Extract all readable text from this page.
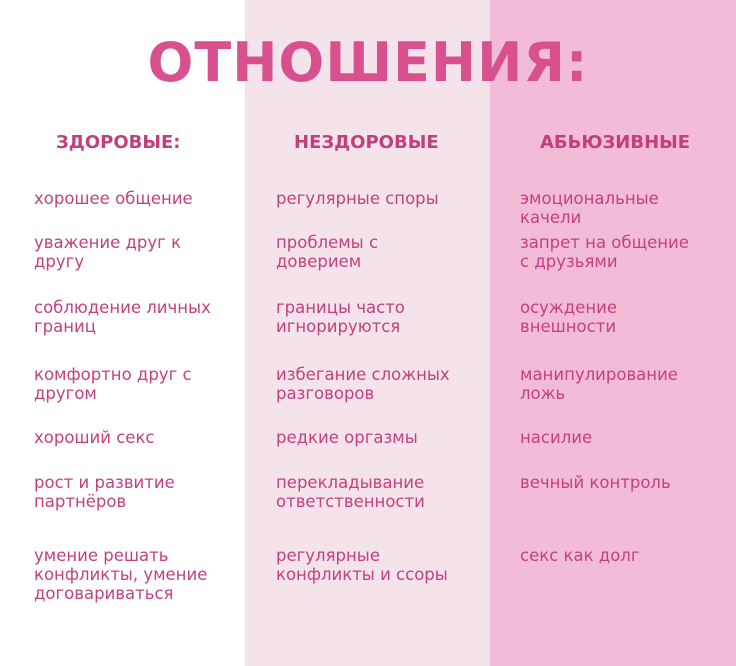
ОТНОШЕНИЯ:
ЗДОРОВЫЕ:	НЕЗДОРОВЫЕ	АБЬЮЗИВНЫЕ
хорошее общение
уважение друг к
другу
соблюдение личных
границ
комфортно друг с
другом
хороший секс
рост и развитие
партнёров
умение решать
конфликты, умение
договариваться
регулярные споры
проблемы с
доверием
границы часто
игнорируются
избегание сложных
разговоров
редкие оргазмы
перекладывание
ответственности
регулярные
конфликты и ссоры
эмоциональные
качели
запрет на общение
с друзьями
осуждение
внешности
манипулирование
ложь
насилие
вечный контроль
секс как долг
